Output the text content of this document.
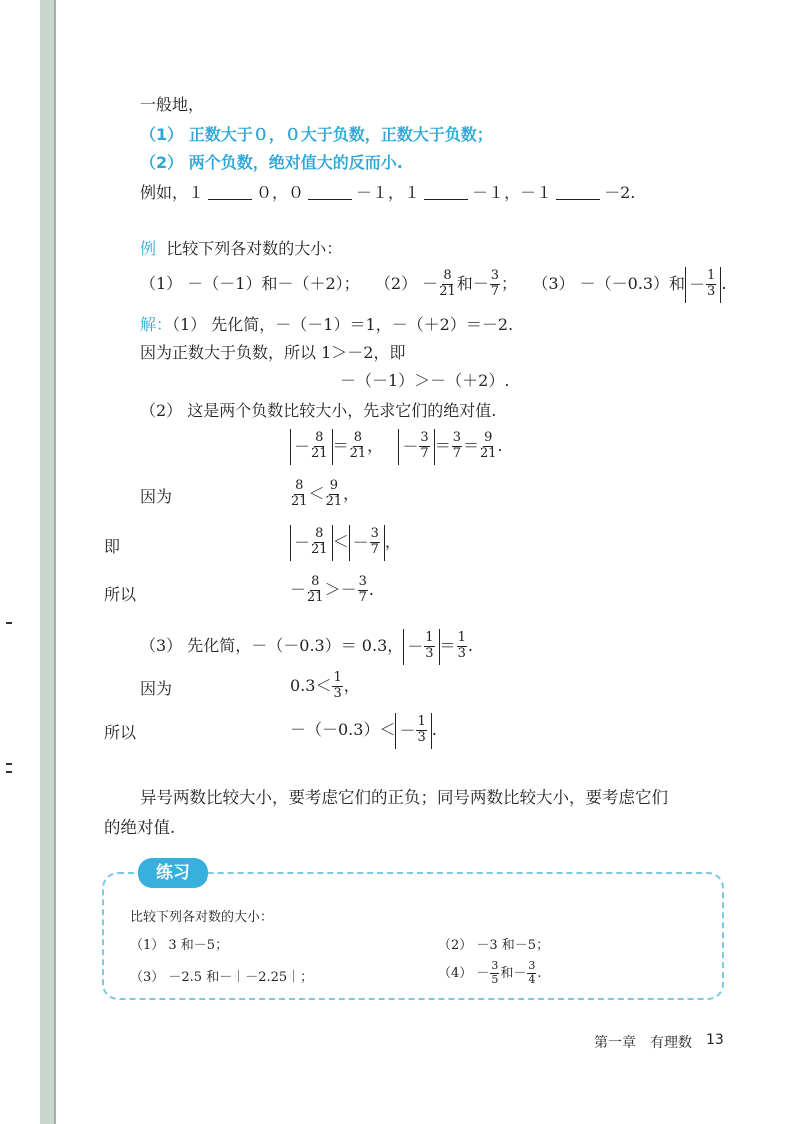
一般地，
（1） 正数大于０，０大于负数，正数大于负数；
（2） 两个负数，绝对值大的反而小.
例如，１	０，０	－１，１	－１，－１	－2.
例 比较下列各对数的大小：
（1） －（－1）和－（＋2）； $(2) - \frac{8}{21}$ 和－ $\frac{3}{7}$ ； （3） －（－0.3）和 － $\frac{1}{3}$ .
解：（1） 先化简，－（－1）＝1，－（＋2）＝－2.
因为正数大于负数，所以 1＞－2，即
－（－1）＞－（＋2）.
（2） 这是两个负数比较大小，先求它们的绝对值.
－ $\frac{8}{21} = \frac{8}{21}$ ，   － $\frac{3}{7} = \frac{3}{7} = \frac{9}{21}$ .
因为	$\frac{8}{21} < \frac{9}{21}$ ，
即	－ $\frac{8}{21}$ ＜ － $\frac{3}{7}$ ，
所以	－ $\frac{8}{21} >- \frac{3}{7}$ .
（3） 先化简，－（－0.3）＝ 0.3， － $\frac{1}{3} = \frac{1}{3}$ .
因为	$0.3< \frac{1}{3}$ ，
所以	$-(-0.3)< - \frac{1}{3}$ .
异号两数比较大小，要考虑它们的正负；同号两数比较大小，要考虑它们
的绝对值.
练习
比较下列各对数的大小：
（1） 3 和－5；	（2） －3 和－5；
（3） －2.5 和－｜－2.25｜；	$(4) - \frac{3}{5}$ 和－ $\frac{3}{4}$ .
第一章　有理数 13
